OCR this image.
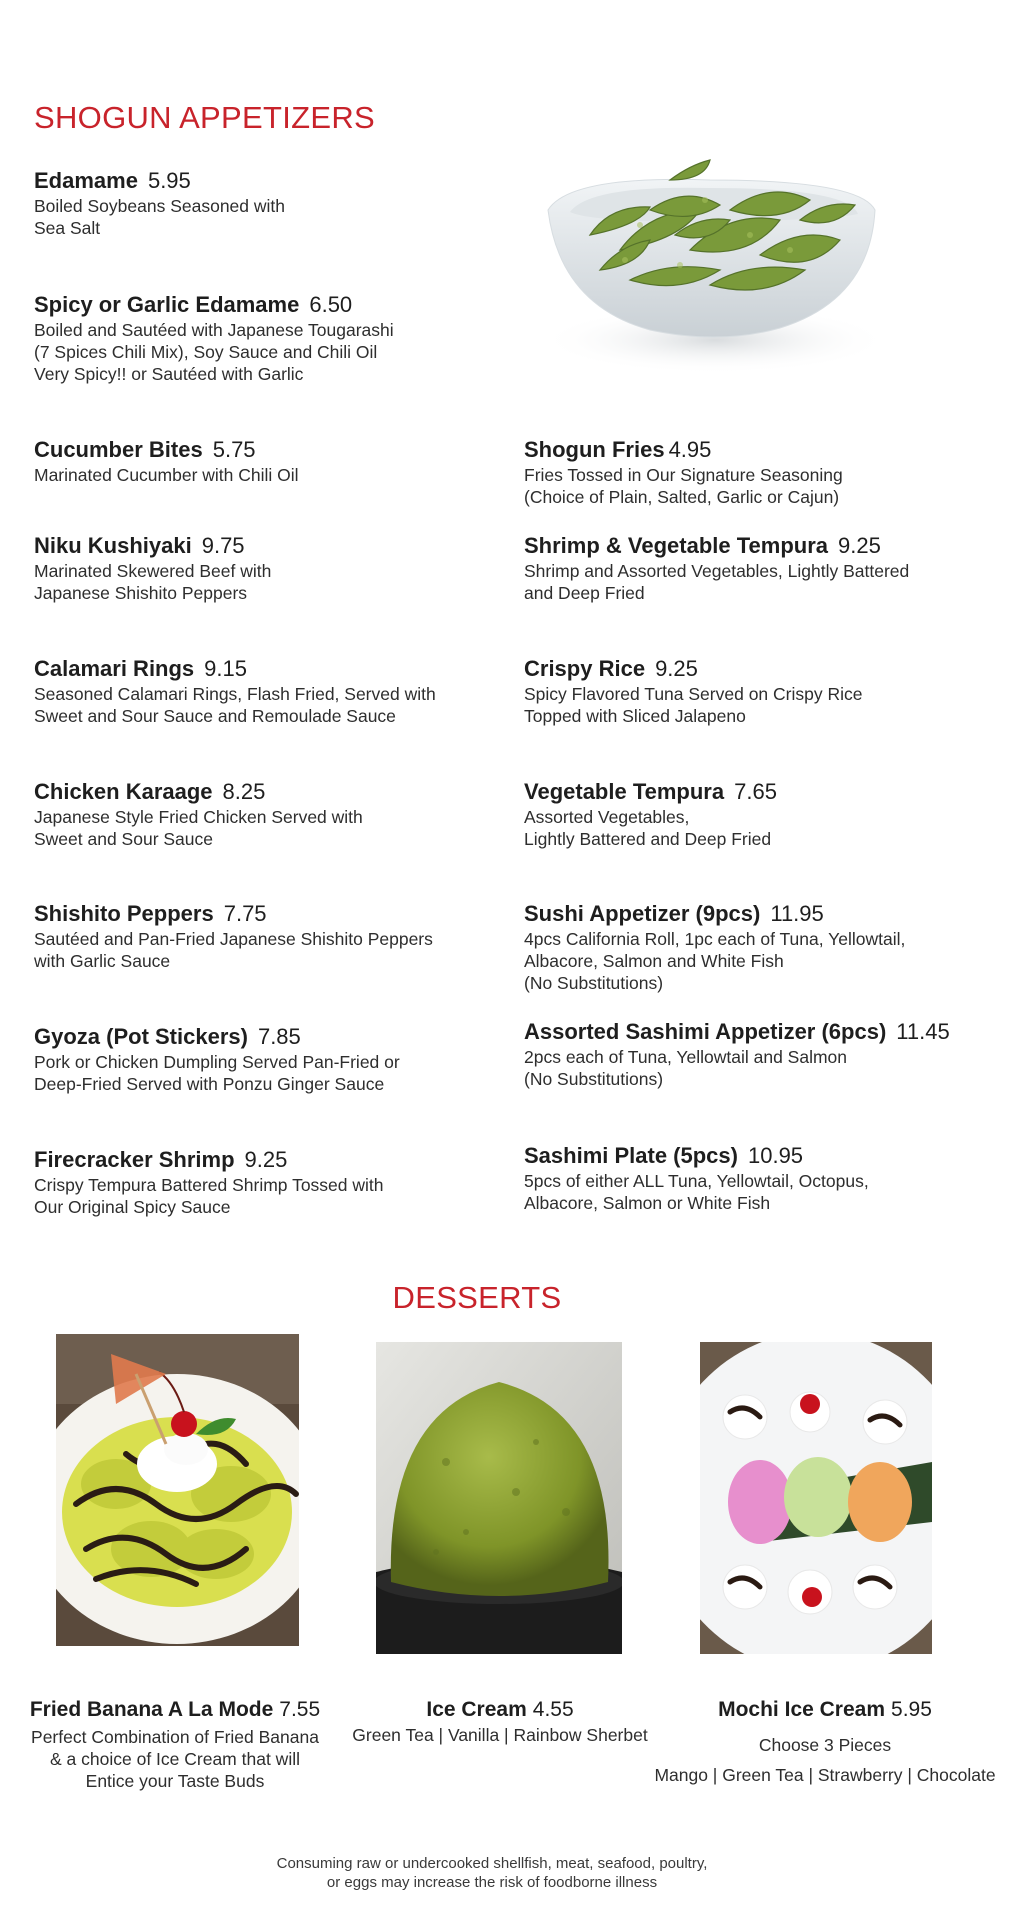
SHOGUN APPETIZERS
Edamame 5.95
Boiled Soybeans Seasoned with
Sea Salt
Spicy or Garlic Edamame 6.50
Boiled and Sautéed with Japanese Tougarashi
(7 Spices Chili Mix), Soy Sauce and Chili Oil
Very Spicy!! or Sautéed with Garlic
Cucumber Bites 5.75
Marinated Cucumber with Chili Oil
Niku Kushiyaki 9.75
Marinated Skewered Beef with
Japanese Shishito Peppers
Calamari Rings 9.15
Seasoned Calamari Rings, Flash Fried, Served with
Sweet and Sour Sauce and Remoulade Sauce
Chicken Karaage 8.25
Japanese Style Fried Chicken Served with
Sweet and Sour Sauce
Shishito Peppers 7.75
Sautéed and Pan-Fried Japanese Shishito Peppers
with Garlic Sauce
Gyoza (Pot Stickers) 7.85
Pork or Chicken Dumpling Served Pan-Fried or
Deep-Fried Served with Ponzu Ginger Sauce
Firecracker Shrimp 9.25
Crispy Tempura Battered Shrimp Tossed with
Our Original Spicy Sauce
Shogun Fries 4.95
Fries Tossed in Our Signature Seasoning
(Choice of Plain, Salted, Garlic or Cajun)
Shrimp & Vegetable Tempura 9.25
Shrimp and Assorted Vegetables, Lightly Battered
and Deep Fried
Crispy Rice 9.25
Spicy Flavored Tuna Served on Crispy Rice
Topped with Sliced Jalapeno
Vegetable Tempura 7.65
Assorted Vegetables,
Lightly Battered and Deep Fried
Sushi Appetizer (9pcs) 11.95
4pcs California Roll, 1pc each of Tuna, Yellowtail,
Albacore, Salmon and White Fish
(No Substitutions)
Assorted Sashimi Appetizer (6pcs) 11.45
2pcs each of Tuna, Yellowtail and Salmon
(No Substitutions)
Sashimi Plate (5pcs) 10.95
5pcs of either ALL Tuna, Yellowtail, Octopus,
Albacore, Salmon or White Fish
DESSERTS
Fried Banana A La Mode 7.55
Perfect Combination of Fried Banana
& a choice of Ice Cream that will
Entice your Taste Buds
Ice Cream 4.55
Green Tea | Vanilla | Rainbow Sherbet
Mochi Ice Cream 5.95
Choose 3 Pieces
Mango | Green Tea | Strawberry | Chocolate
Consuming raw or undercooked shellfish, meat, seafood, poultry,
or eggs may increase the risk of foodborne illness
